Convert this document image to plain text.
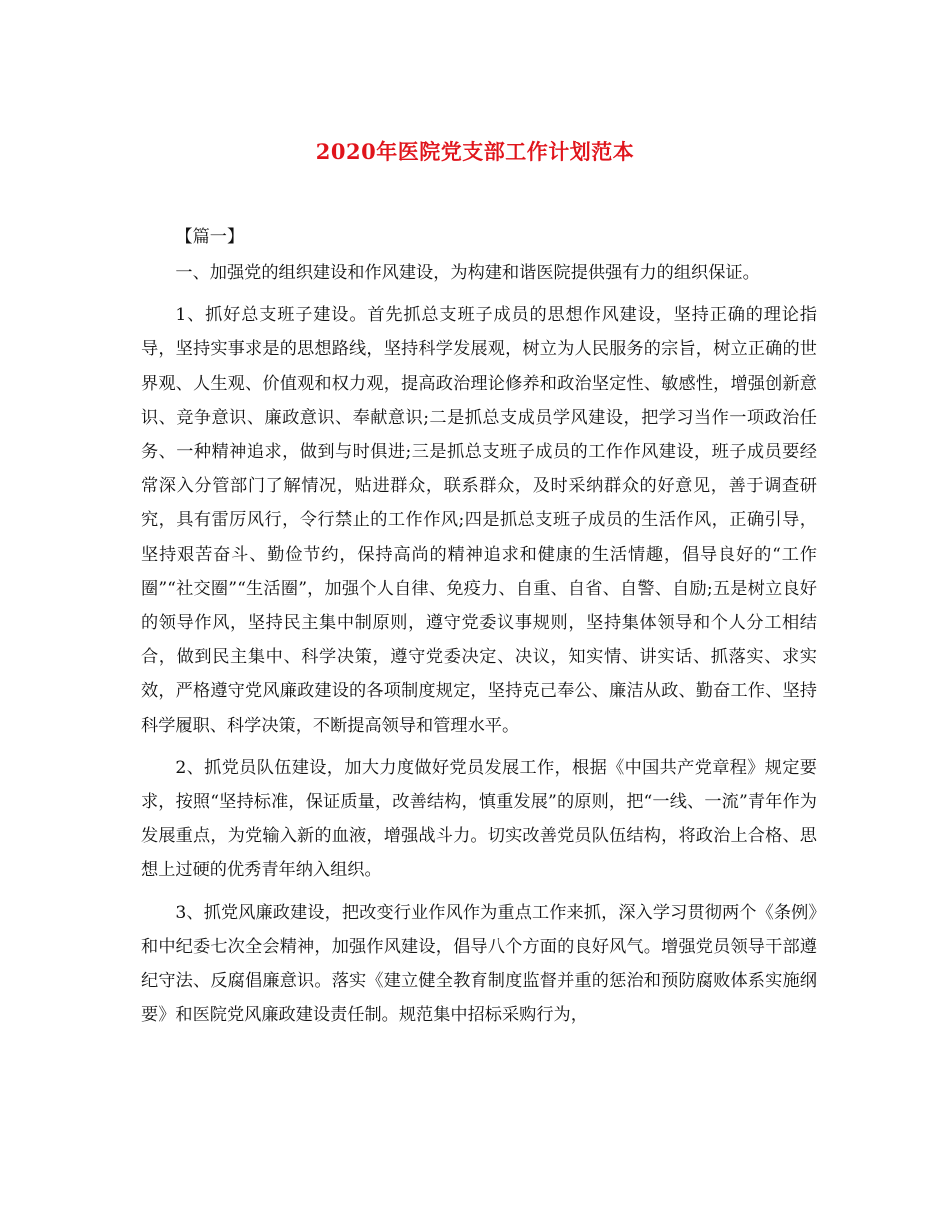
2020年医院党支部工作计划范本

【篇一】

一、加强党的组织建设和作风建设，为构建和谐医院提供强有力的组织保证。

1、抓好总支班子建设。首先抓总支班子成员的思想作风建设，坚持正确的理论指导，坚持实事求是的思想路线，坚持科学发展观，树立为人民服务的宗旨，树立正确的世界观、人生观、价值观和权力观，提高政治理论修养和政治坚定性、敏感性，增强创新意识、竞争意识、廉政意识、奉献意识;二是抓总支成员学风建设，把学习当作一项政治任务、一种精神追求，做到与时俱进;三是抓总支班子成员的工作作风建设，班子成员要经常深入分管部门了解情况，贴进群众，联系群众，及时采纳群众的好意见，善于调查研究，具有雷厉风行，令行禁止的工作作风;四是抓总支班子成员的生活作风，正确引导，坚持艰苦奋斗、勤俭节约，保持高尚的精神追求和健康的生活情趣，倡导良好的“工作圈”“社交圈”“生活圈”，加强个人自律、免疫力、自重、自省、自警、自励;五是树立良好的领导作风，坚持民主集中制原则，遵守党委议事规则，坚持集体领导和个人分工相结合，做到民主集中、科学决策，遵守党委决定、决议，知实情、讲实话、抓落实、求实效，严格遵守党风廉政建设的各项制度规定，坚持克己奉公、廉洁从政、勤奋工作、坚持科学履职、科学决策，不断提高领导和管理水平。

2、抓党员队伍建设，加大力度做好党员发展工作，根据《中国共产党章程》规定要求，按照“坚持标准，保证质量，改善结构，慎重发展”的原则，把“一线、一流”青年作为发展重点，为党输入新的血液，增强战斗力。切实改善党员队伍结构，将政治上合格、思想上过硬的优秀青年纳入组织。

3、抓党风廉政建设，把改变行业作风作为重点工作来抓，深入学习贯彻两个《条例》和中纪委七次全会精神，加强作风建设，倡导八个方面的良好风气。增强党员领导干部遵纪守法、反腐倡廉意识。落实《建立健全教育制度监督并重的惩治和预防腐败体系实施纲要》和医院党风廉政建设责任制。规范集中招标采购行为，
